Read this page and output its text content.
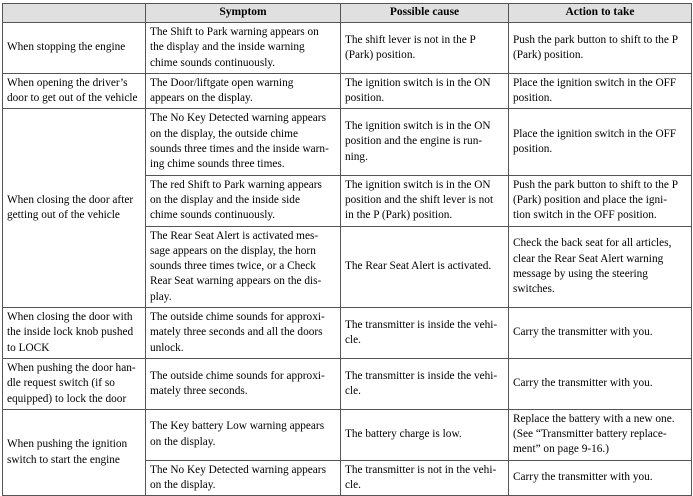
	Symptom	Possible cause	Action to take
When stopping the engine	The Shift to Park warning appears on
the display and the inside warning
chime sounds continuously.	The shift lever is not in the P
(Park) position.	Push the park button to shift to the P
(Park) position.
When opening the driver’s
door to get out of the vehicle	The Door/liftgate open warning
appears on the display.	The ignition switch is in the ON
position.	Place the ignition switch in the OFF
position.
When closing the door after
getting out of the vehicle	The No Key Detected warning appears
on the display, the outside chime
sounds three times and the inside warn-
ing chime sounds three times.	The ignition switch is in the ON
position and the engine is run-
ning.	Place the ignition switch in the OFF
position.
	The red Shift to Park warning appears
on the display and the inside side
chime sounds continuously.	The ignition switch is in the ON
position and the shift lever is not
in the P (Park) position.	Push the park button to shift to the P
(Park) position and place the igni-
tion switch in the OFF position.
	The Rear Seat Alert is activated mes-
sage appears on the display, the horn
sounds three times twice, or a Check
Rear Seat warning appears on the dis-
play.	The Rear Seat Alert is activated.	Check the back seat for all articles,
clear the Rear Seat Alert warning
message by using the steering
switches.
When closing the door with
the inside lock knob pushed
to LOCK	The outside chime sounds for approxi-
mately three seconds and all the doors
unlock.	The transmitter is inside the vehi-
cle.	Carry the transmitter with you.
When pushing the door han-
dle request switch (if so
equipped) to lock the door	The outside chime sounds for approxi-
mately three seconds.	The transmitter is inside the vehi-
cle.	Carry the transmitter with you.
When pushing the ignition
switch to start the engine	The Key battery Low warning appears
on the display.	The battery charge is low.	Replace the battery with a new one.
(See “Transmitter battery replace-
ment” on page 9-16.)
	The No Key Detected warning appears
on the display.	The transmitter is not in the vehi-
cle.	Carry the transmitter with you.
